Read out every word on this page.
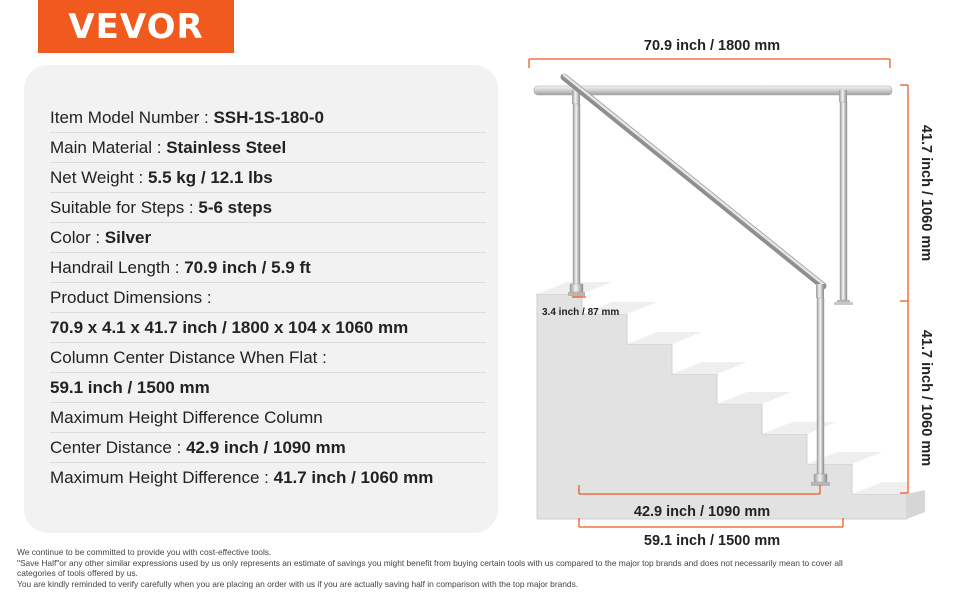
VEVOR
Item Model Number : SSH-1S-180-0
Main Material : Stainless Steel
Net Weight : 5.5 kg / 12.1 lbs
Suitable for Steps : 5-6 steps
Color : Silver
Handrail Length : 70.9 inch / 5.9 ft
Product Dimensions :
70.9 x 4.1 x 41.7 inch / 1800 x 104 x 1060 mm
Column Center Distance When Flat :
59.1 inch / 1500 mm
Maximum Height Difference Column
Center Distance : 42.9 inch / 1090 mm
Maximum Height Difference : 41.7 inch / 1060 mm
70.9 inch / 1800 mm
41.7 inch / 1060 mm
41.7 inch / 1060 mm
3.4 inch / 87 mm
42.9 inch / 1090 mm
59.1 inch / 1500 mm
We continue to be committed to provide you with cost-effective tools.
"Save Half"or any other similar expressions used by us only represents an estimate of savings you might benefit from buying certain tools with us compared to the major top brands and does not necessarily mean to cover all
categories of tools offered by us.
You are kindly reminded to verify carefully when you are placing an order with us if you are actually saving half in comparison with the top major brands.
